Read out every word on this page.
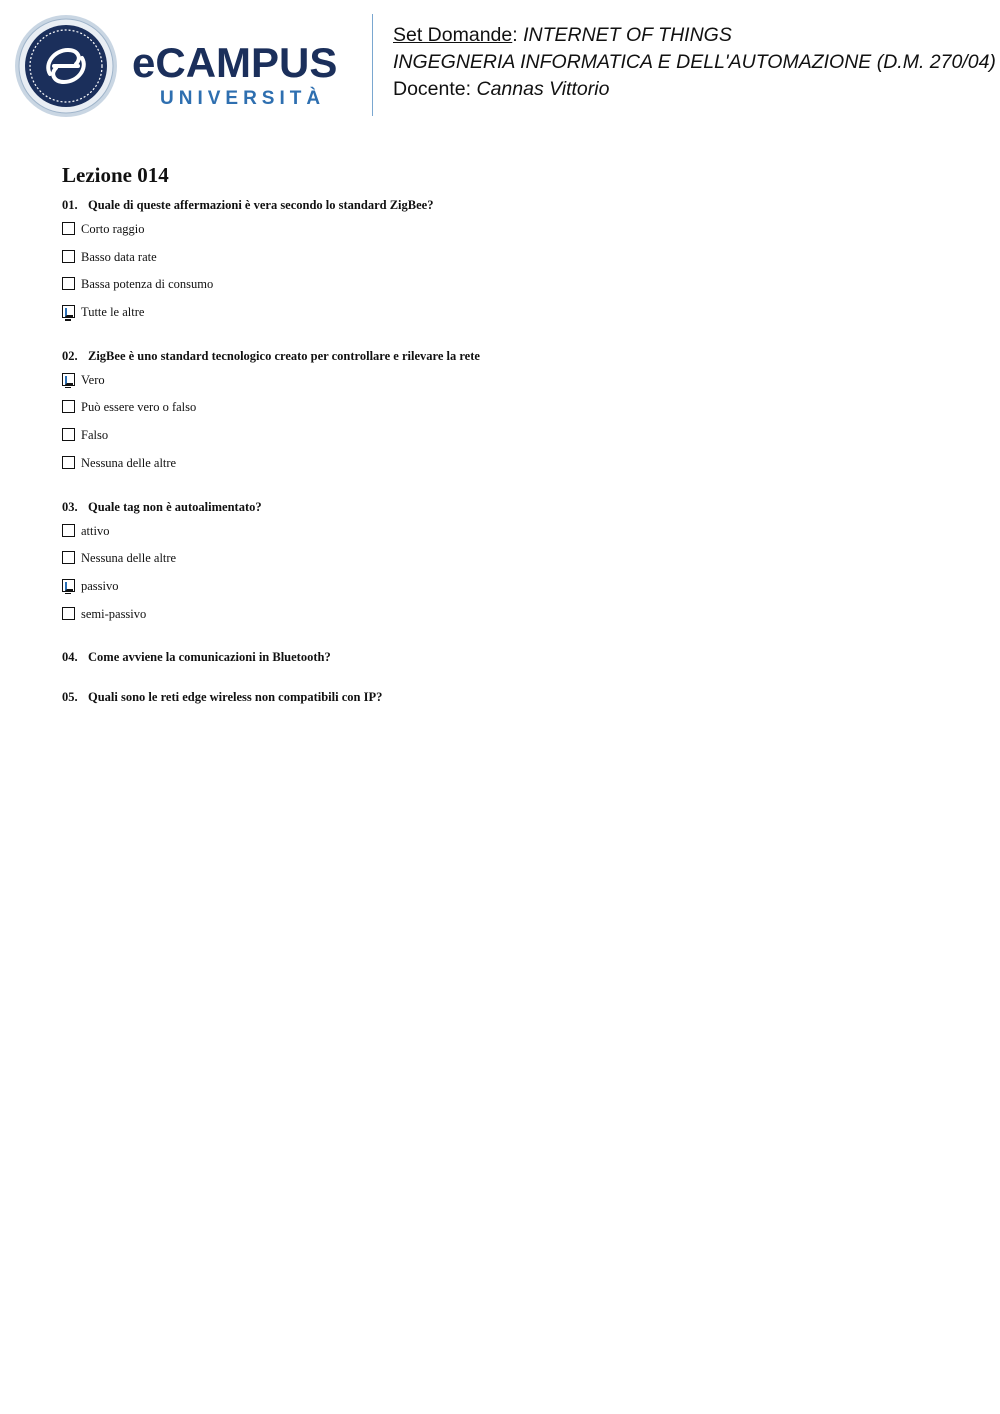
eCAMPUS
UNIVERSITÀ
Set Domande: INTERNET OF THINGS
INGEGNERIA INFORMATICA E DELL'AUTOMAZIONE (D.M. 270/04)
Docente: Cannas Vittorio
Lezione 014
01. Quale di queste affermazioni è vera secondo lo standard ZigBee?
Corto raggio
Basso data rate
Bassa potenza di consumo
Tutte le altre
02. ZigBee è uno standard tecnologico creato per controllare e rilevare la rete
Vero
Può essere vero o falso
Falso
Nessuna delle altre
03. Quale tag non è autoalimentato?
attivo
Nessuna delle altre
passivo
semi-passivo
04. Come avviene la comunicazioni in Bluetooth?
05. Quali sono le reti edge wireless non compatibili con IP?
